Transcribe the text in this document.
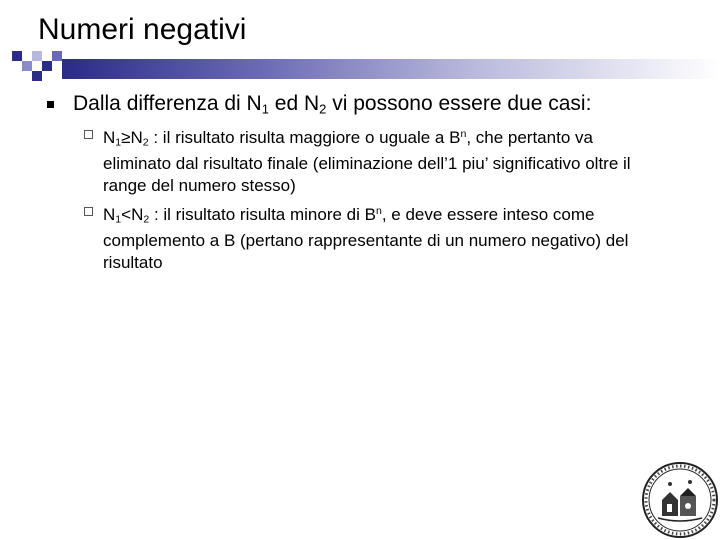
Numeri negativi
Dalla differenza di $N_1$ ed $N_2$ vi possono essere due casi:
$N_1\ge N_2$ : il risultato risulta maggiore o uguale a $B^n$, che pertanto va eliminato dal risultato finale (eliminazione dell’1 piu’ significativo oltre il range del numero stesso)
$N_1<N_2$ : il risultato risulta minore di $B^n$, e deve essere inteso come complemento a B (pertano rappresentante di un numero negativo) del risultato
